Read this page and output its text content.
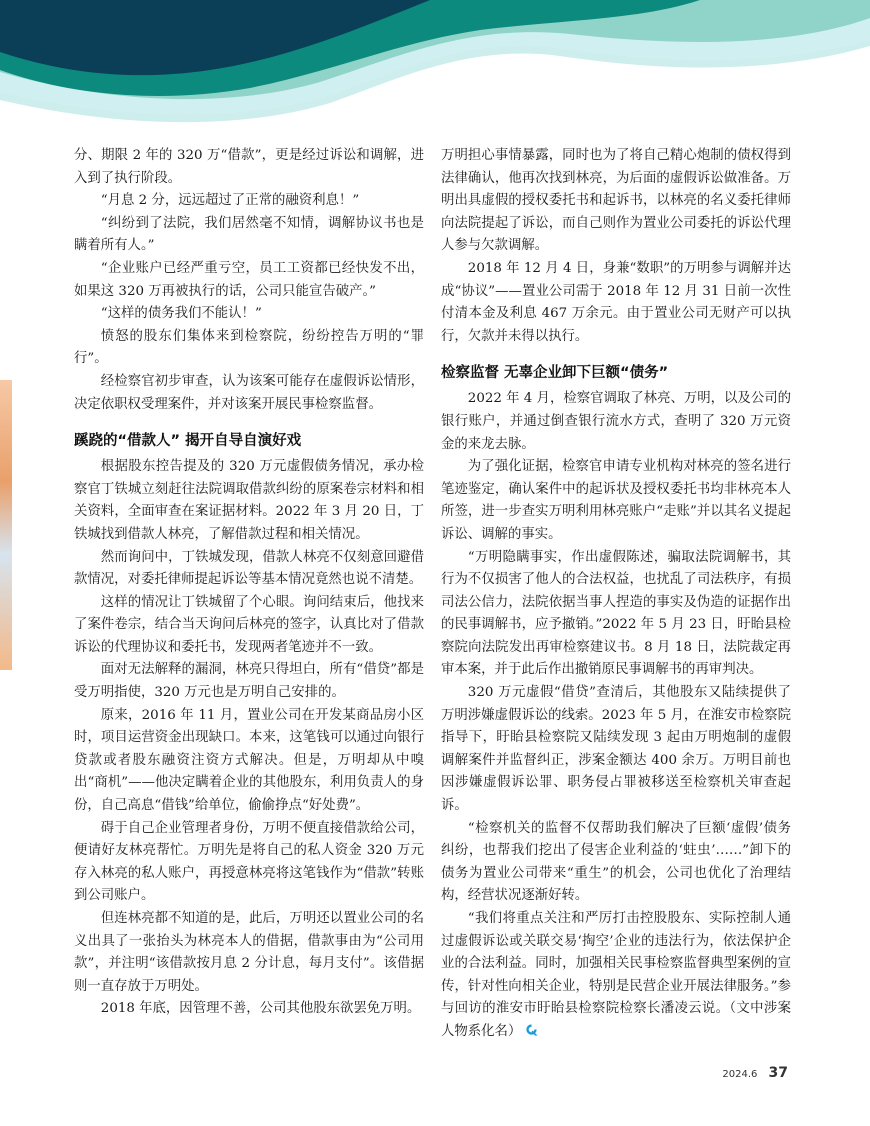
分、期限 2 年的 320 万“借款”，更是经过诉讼和调解，进入到了执行阶段。

“月息 2 分，远远超过了正常的融资利息！”

“纠纷到了法院，我们居然毫不知情，调解协议书也是瞒着所有人。”

“企业账户已经严重亏空，员工工资都已经快发不出，如果这 320 万再被执行的话，公司只能宣告破产。”

“这样的债务我们不能认！”

愤怒的股东们集体来到检察院，纷纷控告万明的“罪行”。

经检察官初步审查，认为该案可能存在虚假诉讼情形，决定依职权受理案件，并对该案开展民事检察监督。

蹊跷的“借款人” 揭开自导自演好戏

根据股东控告提及的 320 万元虚假债务情况，承办检察官丁铁城立刻赶往法院调取借款纠纷的原案卷宗材料和相关资料，全面审查在案证据材料。2022 年 3 月 20 日，丁铁城找到借款人林亮，了解借款过程和相关情况。

然而询问中，丁铁城发现，借款人林亮不仅刻意回避借款情况，对委托律师提起诉讼等基本情况竟然也说不清楚。

这样的情况让丁铁城留了个心眼。询问结束后，他找来了案件卷宗，结合当天询问后林亮的签字，认真比对了借款诉讼的代理协议和委托书，发现两者笔迹并不一致。

面对无法解释的漏洞，林亮只得坦白，所有“借贷”都是受万明指使，320 万元也是万明自己安排的。

原来，2016 年 11 月，置业公司在开发某商品房小区时，项目运营资金出现缺口。本来，这笔钱可以通过向银行贷款或者股东融资注资方式解决。但是，万明却从中嗅出“商机”——他决定瞒着企业的其他股东，利用负责人的身份，自己高息“借钱”给单位，偷偷挣点“好处费”。

碍于自己企业管理者身份，万明不便直接借款给公司，便请好友林亮帮忙。万明先是将自己的私人资金 320 万元存入林亮的私人账户，再授意林亮将这笔钱作为“借款”转账到公司账户。

但连林亮都不知道的是，此后，万明还以置业公司的名义出具了一张抬头为林亮本人的借据，借款事由为“公司用款”，并注明“该借款按月息 2 分计息，每月支付”。该借据则一直存放于万明处。

2018 年底，因管理不善，公司其他股东欲罢免万明。

万明担心事情暴露，同时也为了将自己精心炮制的债权得到法律确认，他再次找到林亮，为后面的虚假诉讼做准备。万明出具虚假的授权委托书和起诉书，以林亮的名义委托律师向法院提起了诉讼，而自己则作为置业公司委托的诉讼代理人参与欠款调解。

2018 年 12 月 4 日，身兼“数职”的万明参与调解并达成“协议”——置业公司需于 2018 年 12 月 31 日前一次性付清本金及利息 467 万余元。由于置业公司无财产可以执行，欠款并未得以执行。

检察监督 无辜企业卸下巨额“债务”

2022 年 4 月，检察官调取了林亮、万明，以及公司的银行账户，并通过倒查银行流水方式，查明了 320 万元资金的来龙去脉。

为了强化证据，检察官申请专业机构对林亮的签名进行笔迹鉴定，确认案件中的起诉状及授权委托书均非林亮本人所签，进一步查实万明利用林亮账户“走账”并以其名义提起诉讼、调解的事实。

“万明隐瞒事实，作出虚假陈述，骗取法院调解书，其行为不仅损害了他人的合法权益，也扰乱了司法秩序，有损司法公信力，法院依据当事人捏造的事实及伪造的证据作出的民事调解书，应予撤销。”2022 年 5 月 23 日，盱眙县检察院向法院发出再审检察建议书。8 月 18 日，法院裁定再审本案，并于此后作出撤销原民事调解书的再审判决。

320 万元虚假“借贷”查清后，其他股东又陆续提供了万明涉嫌虚假诉讼的线索。2023 年 5 月，在淮安市检察院指导下，盱眙县检察院又陆续发现 3 起由万明炮制的虚假调解案件并监督纠正，涉案金额达 400 余万。万明目前也因涉嫌虚假诉讼罪、职务侵占罪被移送至检察机关审查起诉。

“检察机关的监督不仅帮助我们解决了巨额‘虚假’债务纠纷，也帮我们挖出了侵害企业利益的‘蛀虫’……”卸下的债务为置业公司带来“重生”的机会，公司也优化了治理结构，经营状况逐渐好转。

“我们将重点关注和严厉打击控股股东、实际控制人通过虚假诉讼或关联交易‘掏空’企业的违法行为，依法保护企业的合法利益。同时，加强相关民事检察监督典型案例的宣传，针对性向相关企业，特别是民营企业开展法律服务。”参与回访的淮安市盱眙县检察院检察长潘凌云说。（文中涉案人物系化名）

2024.6 37
